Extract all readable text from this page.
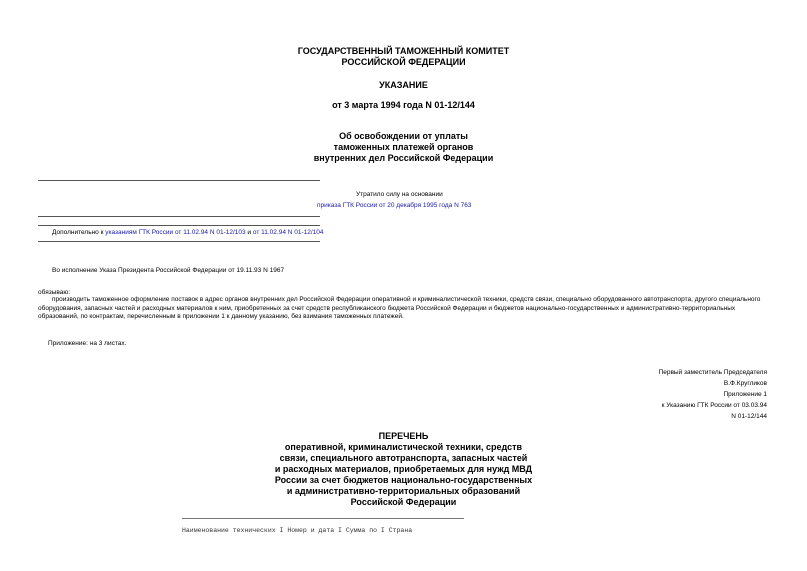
ГОСУДАРСТВЕННЫЙ ТАМОЖЕННЫЙ КОМИТЕТ
РОССИЙСКОЙ ФЕДЕРАЦИИ
УКАЗАНИЕ
от 3 марта 1994 года N 01-12/144
Об освобождении от уплаты
таможенных платежей органов
внутренних дел Российской Федерации
Утратило силу на основании
приказа ГТК России от 20 декабря 1995 года N 763
Дополнительно к указаниям ГТК России от 11.02.94 N 01-12/103 и от 11.02.94 N 01-12/104
Во исполнение Указа Президента Российской Федерации от 19.11.93 N 1967
обязываю:
производить таможенное оформление поставок в адрес органов внутренних дел Российской Федерации оперативной и криминалистической техники, средств связи, специально оборудованного автотранспорта, другого специального оборудования, запасных частей и расходных материалов к ним, приобретенных за счет средств республиканского бюджета Российской Федерации и бюджетов национально-государственных и административно-территориальных образований, по контрактам, перечисленным в приложении 1 к данному указанию, без взимания таможенных платежей.
Приложение: на 3 листах.
Первый заместитель Председателя
В.Ф.Кругликов
Приложение 1
к Указанию ГТК России от 03.03.94
N 01-12/144
ПЕРЕЧЕНЬ
оперативной, криминалистической техники, средств
связи, специального автотранспорта, запасных частей
и расходных материалов, приобретаемых для нужд МВД
России за счет бюджетов национально-государственных
и административно-территориальных образований
Российской Федерации
Наименование технических I Номер и дата I Сумма по I Страна
